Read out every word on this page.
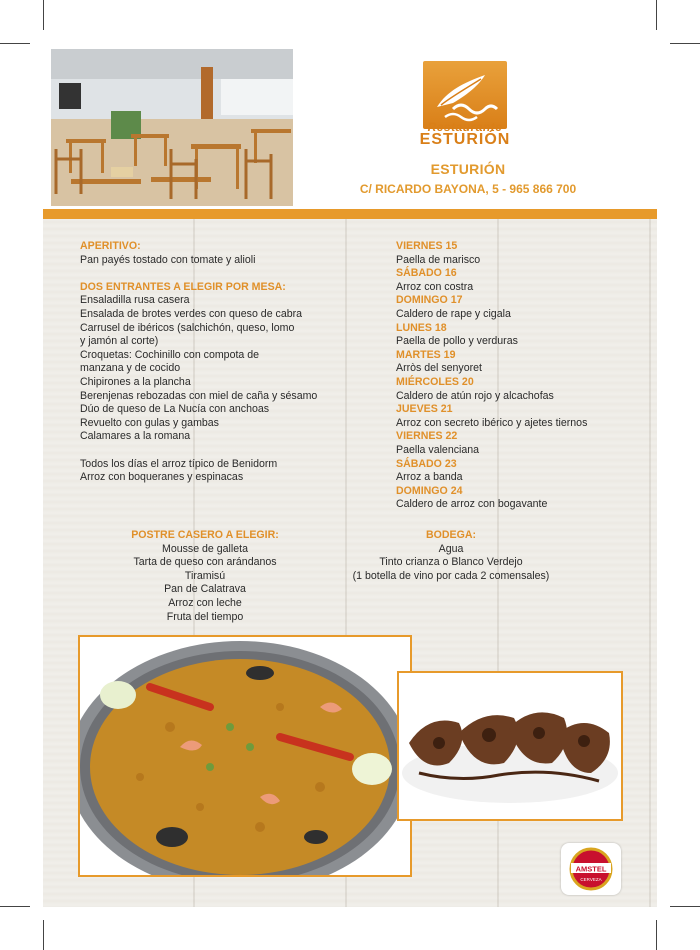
Restaurante
ESTURIÓN
ESTURIÓN
C/ RICARDO BAYONA, 5 - 965 866 700
APERITIVO:
Pan payés tostado con tomate y alioli
DOS ENTRANTES A ELEGIR POR MESA:
Ensaladilla rusa casera
Ensalada de brotes verdes con queso de cabra
Carrusel de ibéricos (salchichón, queso, lomo
y jamón al corte)
Croquetas: Cochinillo con compota de
manzana y de cocido
Chipirones a la plancha
Berenjenas rebozadas con miel de caña y sésamo
Dúo de queso de La Nucía con anchoas
Revuelto con gulas y gambas
Calamares a la romana
Todos los días el arroz típico de Benidorm
Arroz con boqueranes y espinacas
VIERNES 15
Paella de marisco
SÁBADO 16
Arroz con costra
DOMINGO 17
Caldero de rape y cigala
LUNES 18
Paella de pollo y verduras
MARTES 19
Arròs del senyoret
MIÉRCOLES 20
Caldero de atún rojo y alcachofas
JUEVES 21
Arroz con secreto ibérico y ajetes tiernos
VIERNES 22
Paella valenciana
SÁBADO 23
Arroz a banda
DOMINGO 24
Caldero de arroz con bogavante
POSTRE CASERO A ELEGIR:
Mousse de galleta
Tarta de queso con arándanos
Tiramisú
Pan de Calatrava
Arroz con leche
Fruta del tiempo
BODEGA:
Agua
Tinto crianza o Blanco Verdejo
(1 botella de vino por cada 2 comensales)
AMSTEL
CERVEZA
